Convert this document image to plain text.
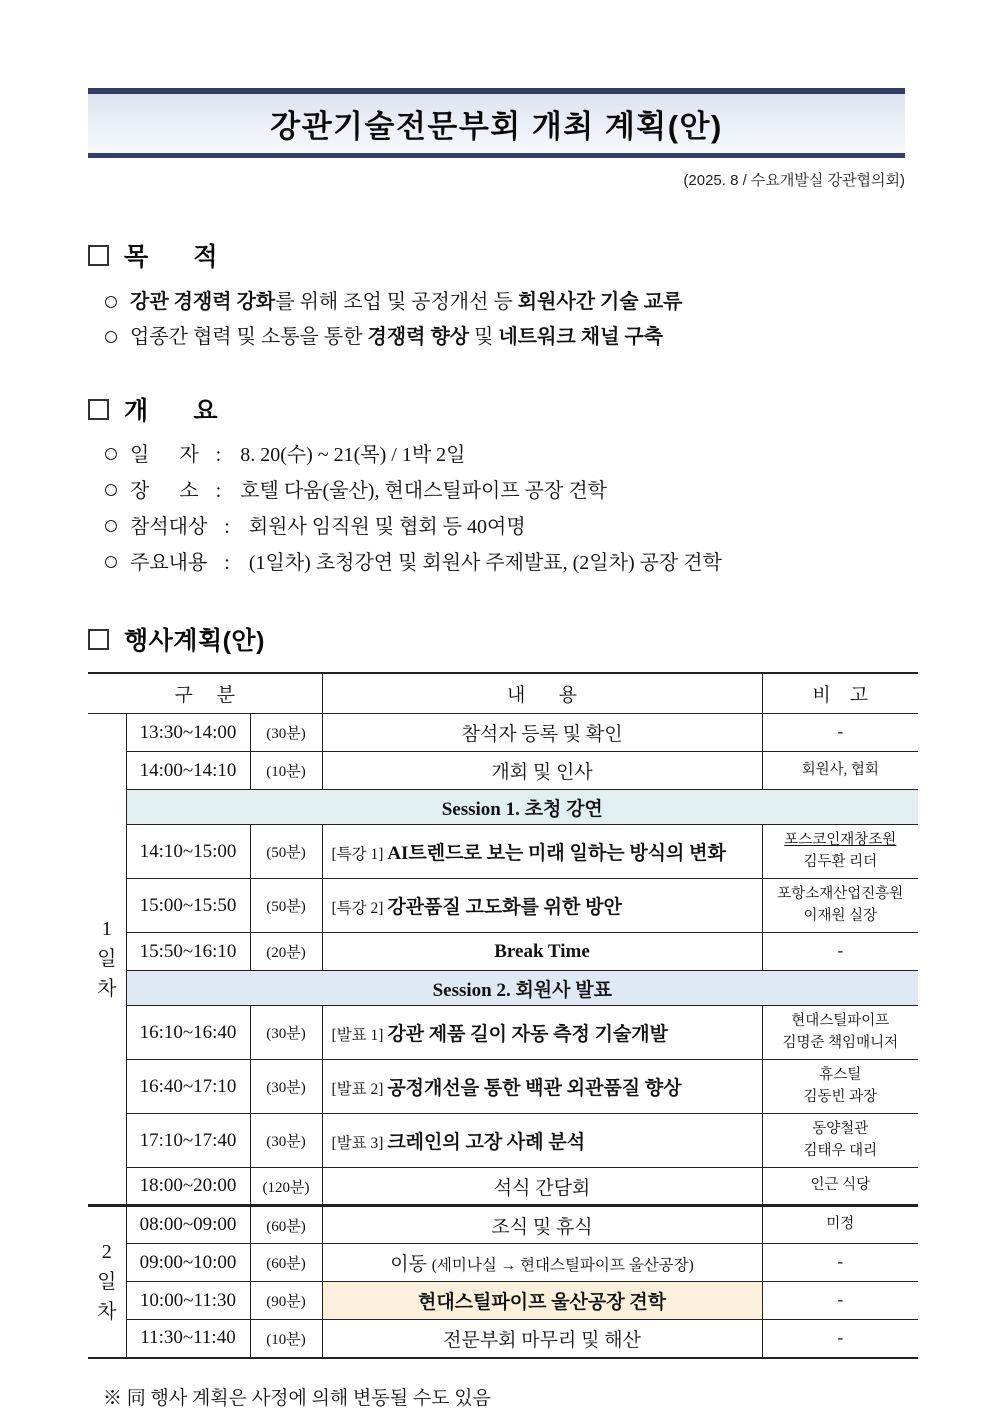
강관기술전문부회 개최 계획(안)
(2025. 8 / 수요개발실 강관협의회)
목      적
강관 경쟁력 강화를 위해 조업 및 공정개선 등 회원사간 기술 교류
업종간 협력 및 소통을 통한 경쟁력 향상 및 네트워크 채널 구축
개      요
일      자 : 8. 20(수) ~ 21(목) / 1박 2일
장      소 : 호텔 다움(울산), 현대스틸파이프 공장 견학
참석대상 : 회원사 임직원 및 협회 등 40여명
주요내용 : (1일차) 초청강연 및 회원사 주제발표, (2일차) 공장 견학
행사계획(안)
구     분			내       용	비    고

1
일
차	13:30~14:00	(30분)	참석자 등록 및 확인	-

	14:00~14:10	(10분)	개회 및 인사	회원사, 협회

	Session 1. 초청 강연			
	14:10~15:00	(50분)	[특강 1] AI트렌드로 보는 미래 일하는 방식의 변화	포스코인재창조원
김두환 리더

	15:00~15:50	(50분)	[특강 2] 강관품질 고도화를 위한 방안	포항소재산업진흥원
이재원 실장

	15:50~16:10	(20분)	Break Time	-

	Session 2. 회원사 발표			
	16:10~16:40	(30분)	[발표 1] 강관 제품 길이 자동 측정 기술개발	현대스틸파이프
김명준 책임매니저

	16:40~17:10	(30분)	[발표 2] 공정개선을 통한 백관 외관품질 향상	휴스틸
김동빈 과장

	17:10~17:40	(30분)	[발표 3] 크레인의 고장 사례 분석	동양철관
김태우 대리

	18:00~20:00	(120분)	석식 간담회	인근 식당

2
일
차	08:00~09:00	(60분)	조식 및 휴식	미정

	09:00~10:00	(60분)	이동 (세미나실 → 현대스틸파이프 울산공장)	-

	10:00~11:30	(90분)	현대스틸파이프 울산공장 견학	-

	11:30~11:40	(10분)	전문부회 마무리 및 해산	-
※ 同 행사 계획은 사정에 의해 변동될 수도 있음
